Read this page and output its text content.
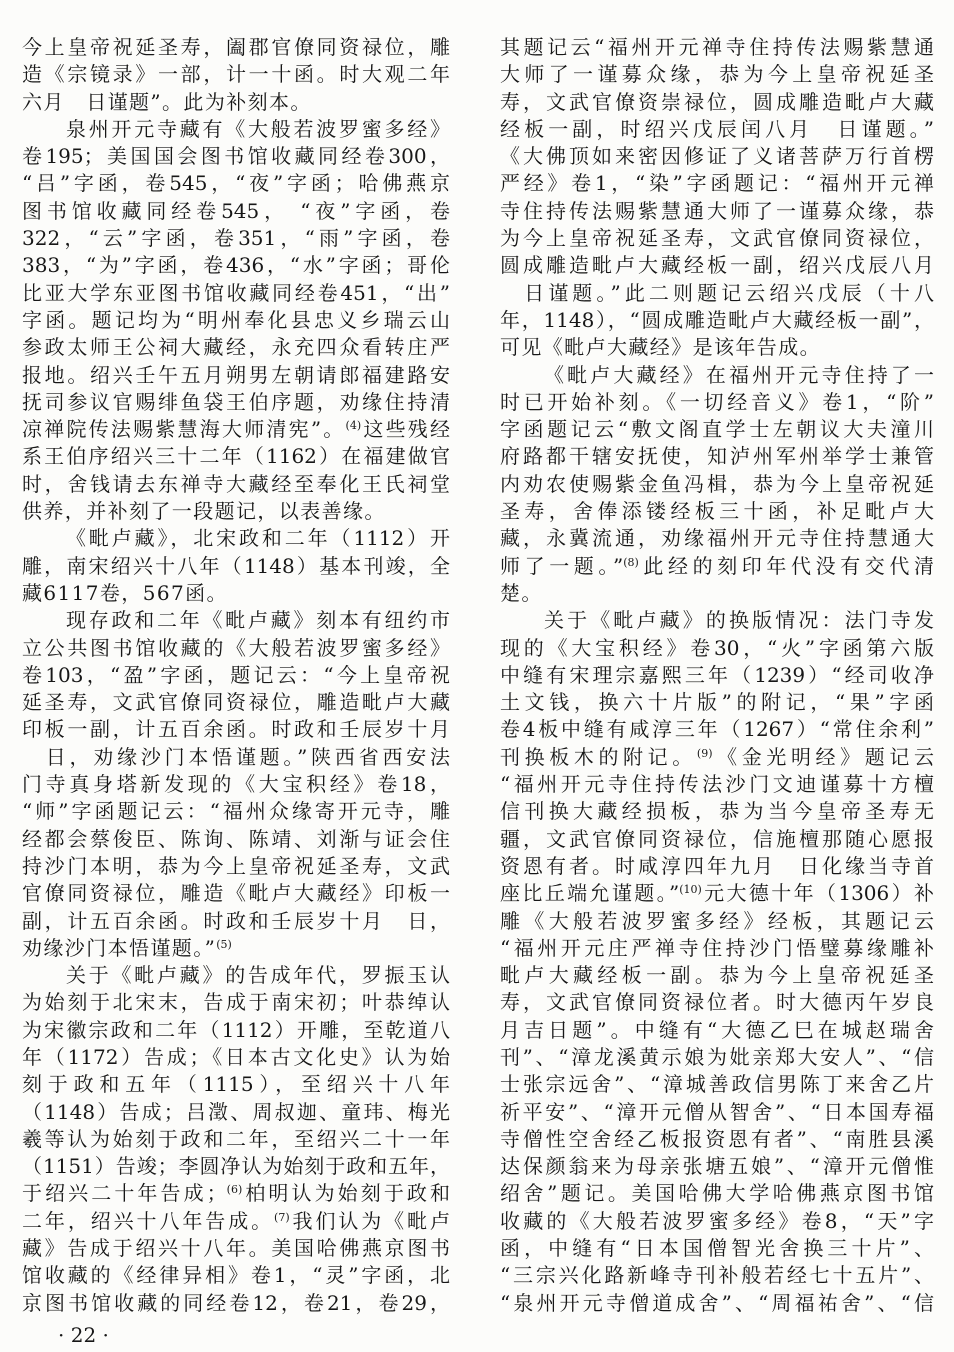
今上皇帝祝延圣寿，阖郡官僚同资禄位，雕
造《宗镜录》一部，计一十函。时大观二年
六月　日谨题”。此为补刻本。
泉州开元寺藏有《大般若波罗蜜多经》
卷195；美国国会图书馆收藏同经卷300，
“吕”字函，卷545，“夜”字函；哈佛燕京
图书馆收藏同经卷545， “夜”字函，卷
322，“云”字函，卷351，“雨”字函，卷
383，“为”字函，卷436，“水”字函；哥伦
比亚大学东亚图书馆收藏同经卷451，“出”
字函。题记均为“明州奉化县忠义乡瑞云山
参政太师王公祠大藏经，永充四众看转庄严
报地。绍兴壬午五月朔男左朝请郎福建路安
抚司参议官赐绯鱼袋王伯序题，劝缘住持清
凉禅院传法赐紫慧海大师清宪”。$^{(4)}$这些残经
系王伯序绍兴三十二年（1162）在福建做官
时，舍钱请去东禅寺大藏经至奉化王氏祠堂
供养，并补刻了一段题记，以表善缘。
《毗卢藏》，北宋政和二年（1112）开
雕，南宋绍兴十八年（1148）基本刊竣，全
藏6117卷，567函。
现存政和二年《毗卢藏》刻本有纽约市
立公共图书馆收藏的《大般若波罗蜜多经》
卷103，“盈”字函，题记云：“今上皇帝祝
延圣寿，文武官僚同资禄位，雕造毗卢大藏
印板一副，计五百余函。时政和壬辰岁十月
　日，劝缘沙门本悟谨题。”陕西省西安法
门寺真身塔新发现的《大宝积经》卷18，
“师”字函题记云：“福州众缘寄开元寺，雕
经都会蔡俊臣、陈询、陈靖、刘渐与证会住
持沙门本明，恭为今上皇帝祝延圣寿，文武
官僚同资禄位，雕造《毗卢大藏经》印板一
副，计五百余函。时政和壬辰岁十月　日，
劝缘沙门本悟谨题。”$^{(5)}$
关于《毗卢藏》的告成年代，罗振玉认
为始刻于北宋末，告成于南宋初；叶恭绰认
为宋徽宗政和二年（1112）开雕，至乾道八
年（1172）告成；《日本古文化史》认为始
刻于政和五年（1115），至绍兴十八年
（1148）告成；吕澂、周叔迦、童玮、梅光
羲等认为始刻于政和二年，至绍兴二十一年
（1151）告竣；李圆净认为始刻于政和五年，
于绍兴二十年告成；$^{(6)}$柏明认为始刻于政和
二年，绍兴十八年告成。$^{(7)}$我们认为《毗卢
藏》告成于绍兴十八年。美国哈佛燕京图书
馆收藏的《经律异相》卷1，“灵”字函，北
京图书馆收藏的同经卷12，卷21，卷29，
其题记云“福州开元禅寺住持传法赐紫慧通
大师了一谨募众缘，恭为今上皇帝祝延圣
寿，文武官僚资崇禄位，圆成雕造毗卢大藏
经板一副，时绍兴戊辰闰八月　日谨题。”
《大佛顶如来密因修证了义诸菩萨万行首楞
严经》卷1，“染”字函题记：“福州开元禅
寺住持传法赐紫慧通大师了一谨募众缘，恭
为今上皇帝祝延圣寿，文武官僚同资禄位，
圆成雕造毗卢大藏经板一副，绍兴戊辰八月
　日谨题。”此二则题记云绍兴戊辰（十八
年，1148），“圆成雕造毗卢大藏经板一副”，
可见《毗卢大藏经》是该年告成。
《毗卢大藏经》在福州开元寺住持了一
时已开始补刻。《一切经音义》卷1，“阶”
字函题记云“敷文阁直学士左朝议大夫潼川
府路都干辖安抚使，知泸州军州举学士兼管
内劝农使赐紫金鱼冯楫，恭为今上皇帝祝延
圣寿，舍俸添镂经板三十函，补足毗卢大
藏，永冀流通，劝缘福州开元寺住持慧通大
师了一题。”$^{(8)}$此经的刻印年代没有交代清
楚。
关于《毗卢藏》的换版情况：法门寺发
现的《大宝积经》卷30，“火”字函第六版
中缝有宋理宗嘉熙三年（1239）“经司收净
土文钱，换六十片版”的附记，“果”字函
卷4板中缝有咸淳三年（1267）“常住余利”
刊换板木的附记。$^{(9)}$《金光明经》题记云
“福州开元寺住持传法沙门文迪谨募十方檀
信刊换大藏经损板，恭为当今皇帝圣寿无
疆，文武官僚同资禄位，信施檀那随心愿报
资恩有者。时咸淳四年九月　日化缘当寺首
座比丘端允谨题。”$^{(10)}$元大德十年（1306）补
雕《大般若波罗蜜多经》经板，其题记云
“福州开元庄严禅寺住持沙门悟璧募缘雕补
毗卢大藏经板一副。恭为今上皇帝祝延圣
寿，文武官僚同资禄位者。时大德丙午岁良
月吉日题”。中缝有“大德乙巳在城赵瑞舍
刊”、“漳龙溪黄示娘为妣亲郑大安人”、“信
士张宗远舍”、“漳城善政信男陈丁来舍乙片
祈平安”、“漳开元僧从智舍”、“日本国寿福
寺僧性空舍经乙板报资恩有者”、“南胜县溪
达保颜翁来为母亲张塘五娘”、“漳开元僧惟
绍舍”题记。美国哈佛大学哈佛燕京图书馆
收藏的《大般若波罗蜜多经》卷8，“天”字
函，中缝有“日本国僧智光舍换三十片”、
“三宗兴化路新峰寺刊补般若经七十五片”、
“泉州开元寺僧道成舍”、“周福祐舍”、“信
· 22 ·
